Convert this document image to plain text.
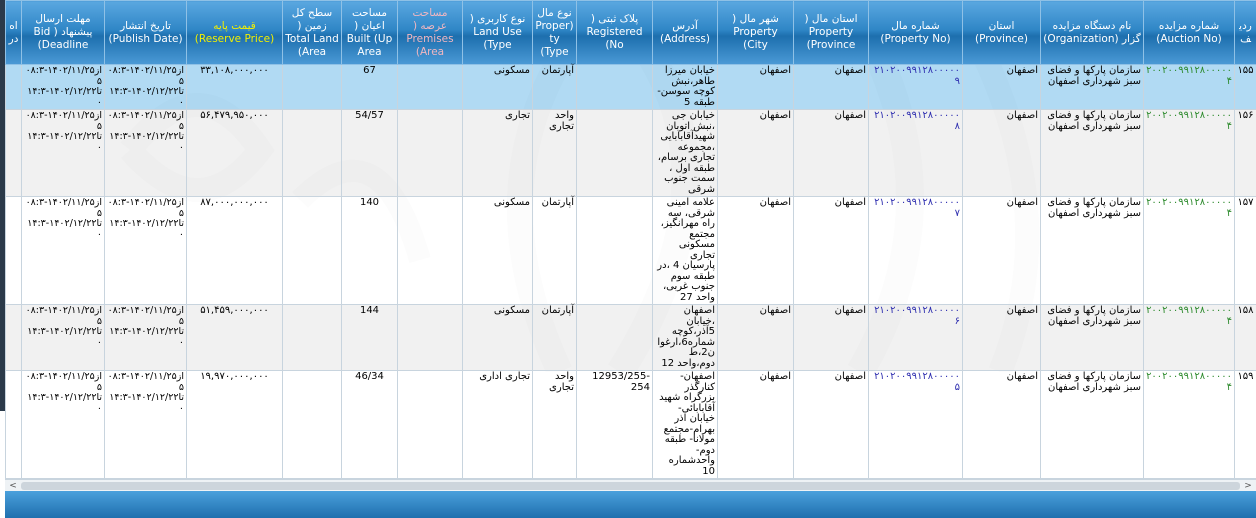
ردیف	شماره مزایده (Auction No)	نام دستگاه مزایده گزار (Organization)	استان (Province)	شماره مال (Property No)	استان مال ( Property (Province	شهر مال ( Property (City	آدرس (Address)	پلاک ثبتی ( Registered (No	نوع مال (Property (Type	نوع کاربری ( Land Use (Type	مساحت عرصه ( Premises (Area	مساحت اعیان ( Built (Up Area	سطح کل زمین ( Total Land (Area	قیمت پایه (Reserve Price)	تاریخ انتشار (Publish Date)	مهلت ارسال پیشنهاد ( Bid (Deadline	اه در
۱۵۵	۲۰۰۲۰۰۹۹۱۲۸۰۰۰۰۰۴	سازمان پارکها و فضای سبز شهرداری اصفهان	اصفهان	۲۱۰۲۰۰۹۹۱۲۸۰۰۰۰۰۹	اصفهان	اصفهان	خیابان میرزا طاهر،نبش کوچه سوسن-طبقه 5		آپارتمان	مسکونی		67		۳۳,۱۰۸,۰۰۰,۰۰۰	از۱۴۰۲/۱۱/۲۵-۰۸:۳۵ تا۱۴۰۲/۱۲/۲۲-۱۴:۳۰	از۱۴۰۲/۱۱/۲۵-۰۸:۳۵ تا۱۴۰۲/۱۲/۲۲-۱۴:۳۰	
۱۵۶	۲۰۰۲۰۰۹۹۱۲۸۰۰۰۰۰۴	سازمان پارکها و فضای سبز شهرداری اصفهان	اصفهان	۲۱۰۲۰۰۹۹۱۲۸۰۰۰۰۰۸	اصفهان	اصفهان	خیابان جی ،نبش اتوبان شهیدآقابابایی ،مجموعه تجاری برسام، طبقه اول ، سمت جنوب شرقی		واحد تجاری	تجاری		54/57		۵۶,۴۷۹,۹۵۰,۰۰۰	از۱۴۰۲/۱۱/۲۵-۰۸:۳۵ تا۱۴۰۲/۱۲/۲۲-۱۴:۳۰	از۱۴۰۲/۱۱/۲۵-۰۸:۳۵ تا۱۴۰۲/۱۲/۲۲-۱۴:۳۰	
۱۵۷	۲۰۰۲۰۰۹۹۱۲۸۰۰۰۰۰۴	سازمان پارکها و فضای سبز شهرداری اصفهان	اصفهان	۲۱۰۲۰۰۹۹۱۲۸۰۰۰۰۰۷	اصفهان	اصفهان	علامه امینی شرقی، سه راه مهرانگیز، مجتمع مسکونی تجاری پارسیان 4 ،در طبقه سوم جنوب غربی، واحد 27		آپارتمان	مسکونی		140		۸۷,۰۰۰,۰۰۰,۰۰۰	از۱۴۰۲/۱۱/۲۵-۰۸:۳۵ تا۱۴۰۲/۱۲/۲۲-۱۴:۳۰	از۱۴۰۲/۱۱/۲۵-۰۸:۳۵ تا۱۴۰۲/۱۲/۲۲-۱۴:۳۰	
۱۵۸	۲۰۰۲۰۰۹۹۱۲۸۰۰۰۰۰۴	سازمان پارکها و فضای سبز شهرداری اصفهان	اصفهان	۲۱۰۲۰۰۹۹۱۲۸۰۰۰۰۰۶	اصفهان	اصفهان	اصفهان ،خیابان 5آذر،کوچه شماره6،ارغوان2،ط دوم،واحد 12		آپارتمان	مسکونی		144		۵۱,۴۵۹,۰۰۰,۰۰۰	از۱۴۰۲/۱۱/۲۵-۰۸:۳۵ تا۱۴۰۲/۱۲/۲۲-۱۴:۳۰	از۱۴۰۲/۱۱/۲۵-۰۸:۳۵ تا۱۴۰۲/۱۲/۲۲-۱۴:۳۰	
۱۵۹	۲۰۰۲۰۰۹۹۱۲۸۰۰۰۰۰۴	سازمان پارکها و فضای سبز شهرداری اصفهان	اصفهان	۲۱۰۲۰۰۹۹۱۲۸۰۰۰۰۰۵	اصفهان	اصفهان	اصفهان-کنارگذر بزرگراه شهید آقابابائی- خیابان آذر بهرام-مجتمع مولانا- طبقه دوم- واحدشماره 10	12953/255-254	واحد تجاری	تجاری اداری		46/34		۱۹,۹۷۰,۰۰۰,۰۰۰	از۱۴۰۲/۱۱/۲۵-۰۸:۳۵ تا۱۴۰۲/۱۲/۲۲-۱۴:۳۰	از۱۴۰۲/۱۱/۲۵-۰۸:۳۵ تا۱۴۰۲/۱۲/۲۲-۱۴:۳۰	
<	>
